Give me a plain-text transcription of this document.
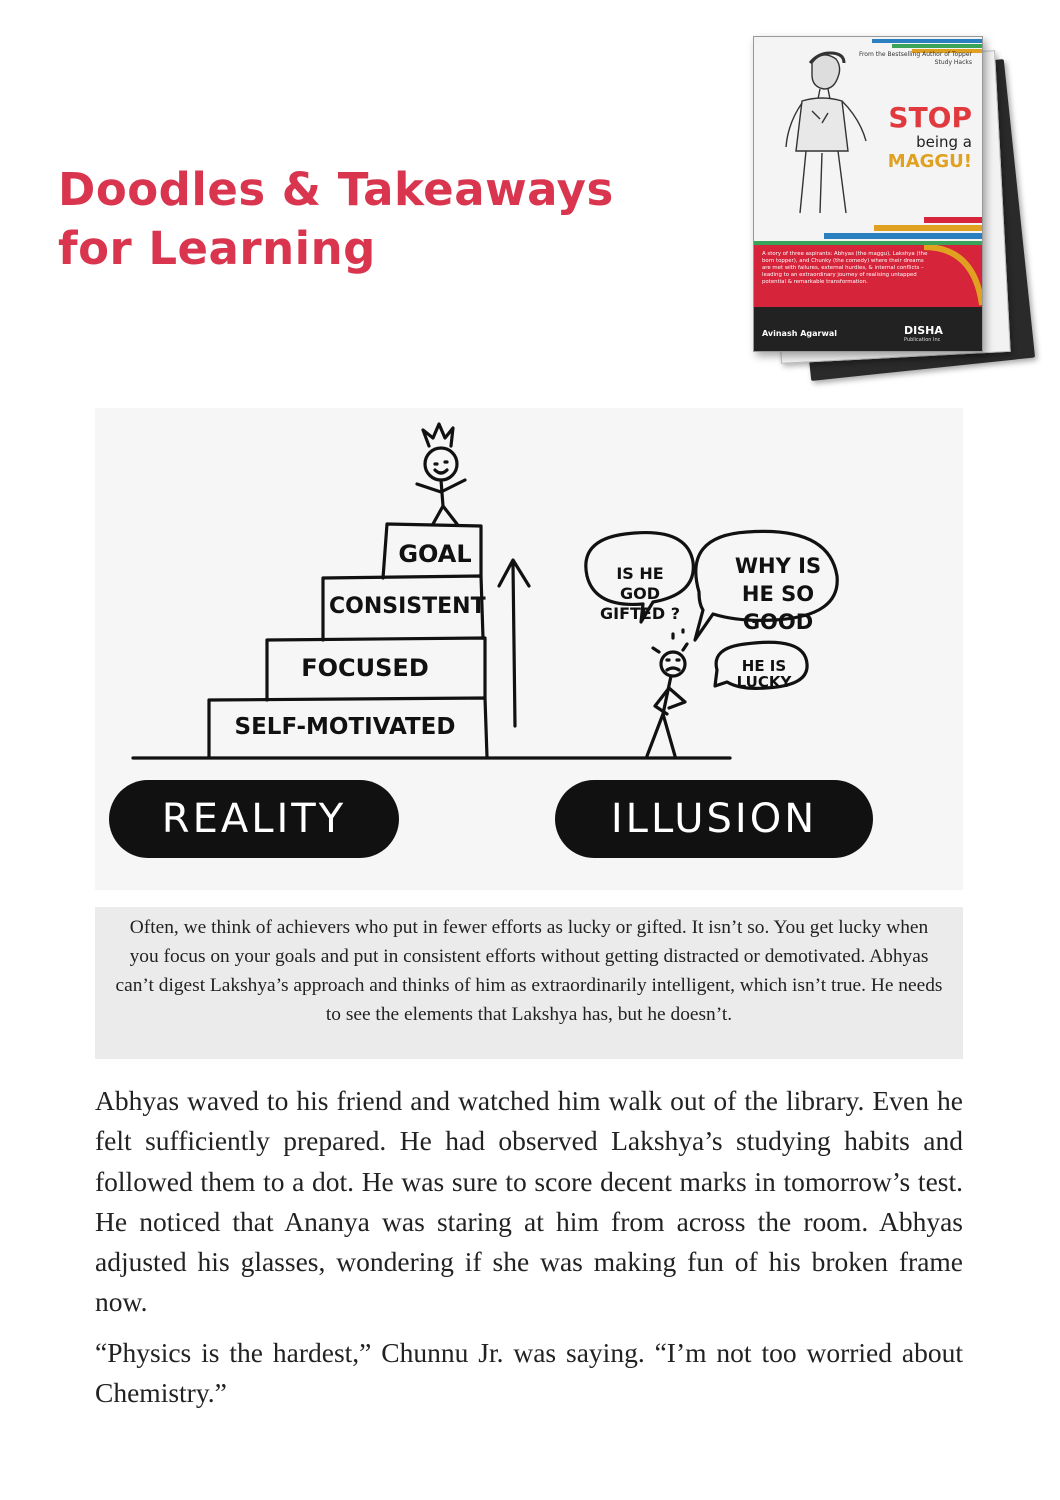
Doodles & Takeaways
for Learning
From the Bestselling Author of Topper Study Hacks
STOP
being a
MAGGU!
A story of three aspirants: Abhyas (the maggu), Lakshya (the born topper), and Chunky (the comedy) where their dreams are met with failures, external hurdles, & internal conflicts – leading to an extraordinary journey of realising untapped potential & remarkable transformation.
Avinash Agarwal	DISHA
Publication Inc
GOAL
CONSISTENT
FOCUSED
SELF-MOTIVATED
IS HE GOD GIFTED ?
WHY IS HE SO GOOD
HE IS LUCKY
REALITY	ILLUSION
Often, we think of achievers who put in fewer efforts as lucky or gifted. It isn’t so. You get lucky when you focus on your goals and put in consistent efforts without getting distracted or demotivated. Abhyas can’t digest Lakshya’s approach and thinks of him as extraordinarily intelligent, which isn’t true. He needs to see the elements that Lakshya has, but he doesn’t.

Abhyas waved to his friend and watched him walk out of the library. Even he felt sufficiently prepared. He had observed Lakshya’s studying habits and followed them to a dot. He was sure to score decent marks in tomorrow’s test. He noticed that Ananya was staring at him from across the room. Abhyas adjusted his glasses, wondering if she was making fun of his broken frame now.

“Physics is the hardest,” Chunnu Jr. was saying. “I’m not too worried about Chemistry.”
